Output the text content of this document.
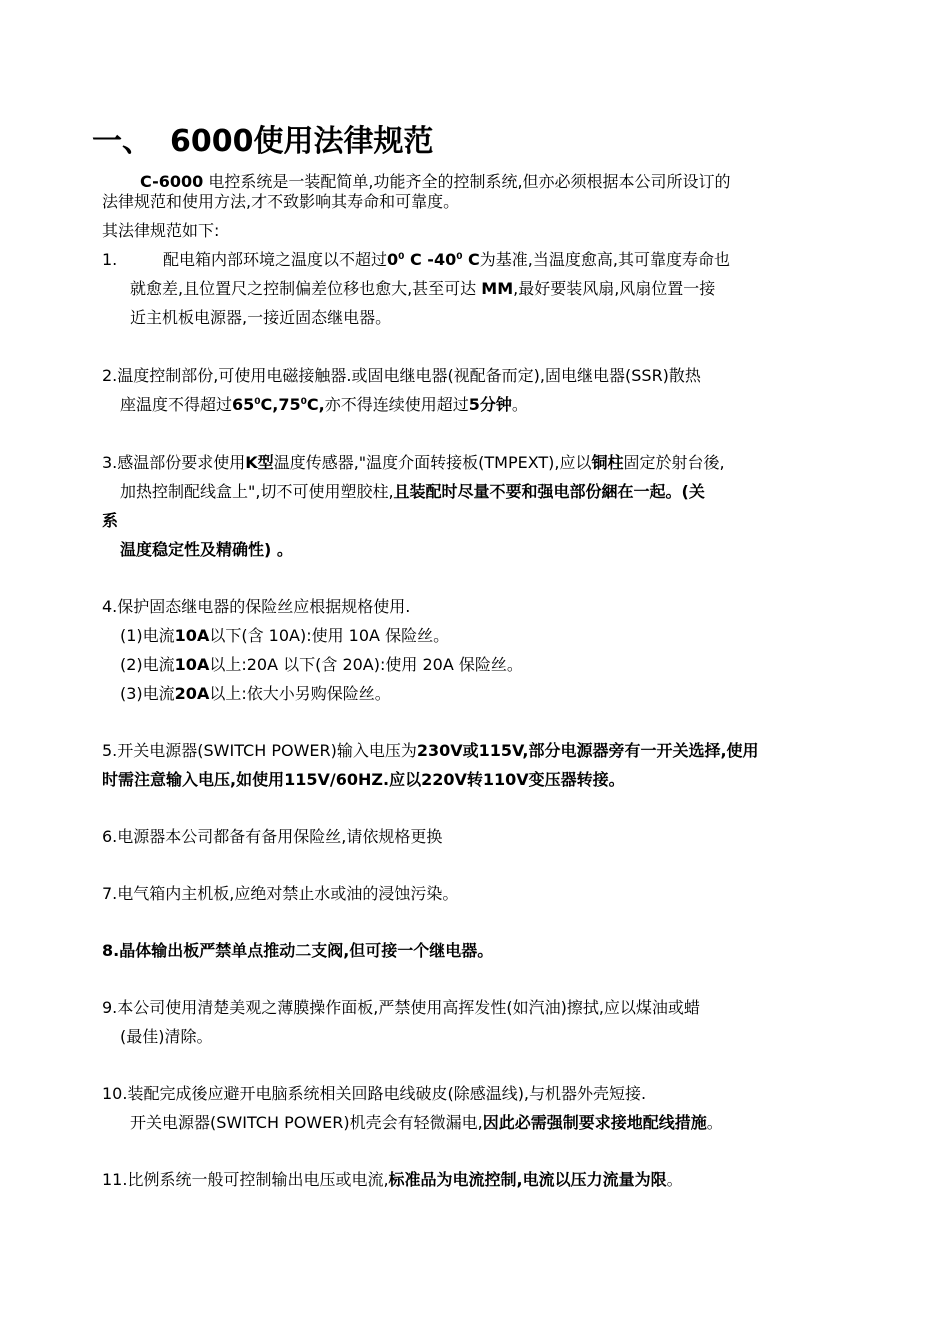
一、 6000使用法律规范
C-6000 电控系统是一装配简单,功能齐全的控制系统,但亦必须根据本公司所设订的
法律规范和使用方法,才不致影响其寿命和可靠度。
其法律规范如下:
1.	配电箱内部环境之温度以不超过$0^0$ C $-40^0$ C为基准,当温度愈高,其可靠度寿命也
就愈差,且位置尺之控制偏差位移也愈大,甚至可达 MM,最好要装风扇,风扇位置一接
近主机板电源器,一接近固态继电器。
2.温度控制部份,可使用电磁接触器.或固电继电器(视配备而定),固电继电器(SSR)散热
座温度不得超过$65^0C,75^0C$,亦不得连续使用超过5分钟。
3.感温部份要求使用K型温度传感器,"温度介面转接板(TMPEXT),应以铜柱固定於射台後,
加热控制配线盒上",切不可使用塑胶柱,且装配时尽量不要和强电部份綑在一起。(关
系
温度稳定性及精确性) 。
4.保护固态继电器的保险丝应根据规格使用.
(1)电流10A以下(含 10A):使用 10A 保险丝。
(2)电流10A以上:20A 以下(含 20A):使用 20A 保险丝。
(3)电流20A以上:依大小另购保险丝。
5.开关电源器(SWITCH POWER)输入电压为230V或115V,部分电源器旁有一开关选择,使用
时需注意输入电压,如使用115V/60HZ.应以220V转110V变压器转接。
6.电源器本公司都备有备用保险丝,请依规格更换
7.电气箱内主机板,应绝对禁止水或油的浸蚀污染。
8.晶体输出板严禁单点推动二支阀,但可接一个继电器。
9.本公司使用清楚美观之薄膜操作面板,严禁使用高挥发性(如汽油)擦拭,应以煤油或蜡
(最佳)清除。
10.装配完成後应避开电脑系统相关回路电线破皮(除感温线),与机器外壳短接.
开关电源器(SWITCH POWER)机壳会有轻微漏电,因此必需强制要求接地配线措施。
11.比例系统一般可控制输出电压或电流,标准品为电流控制,电流以压力流量为限。
